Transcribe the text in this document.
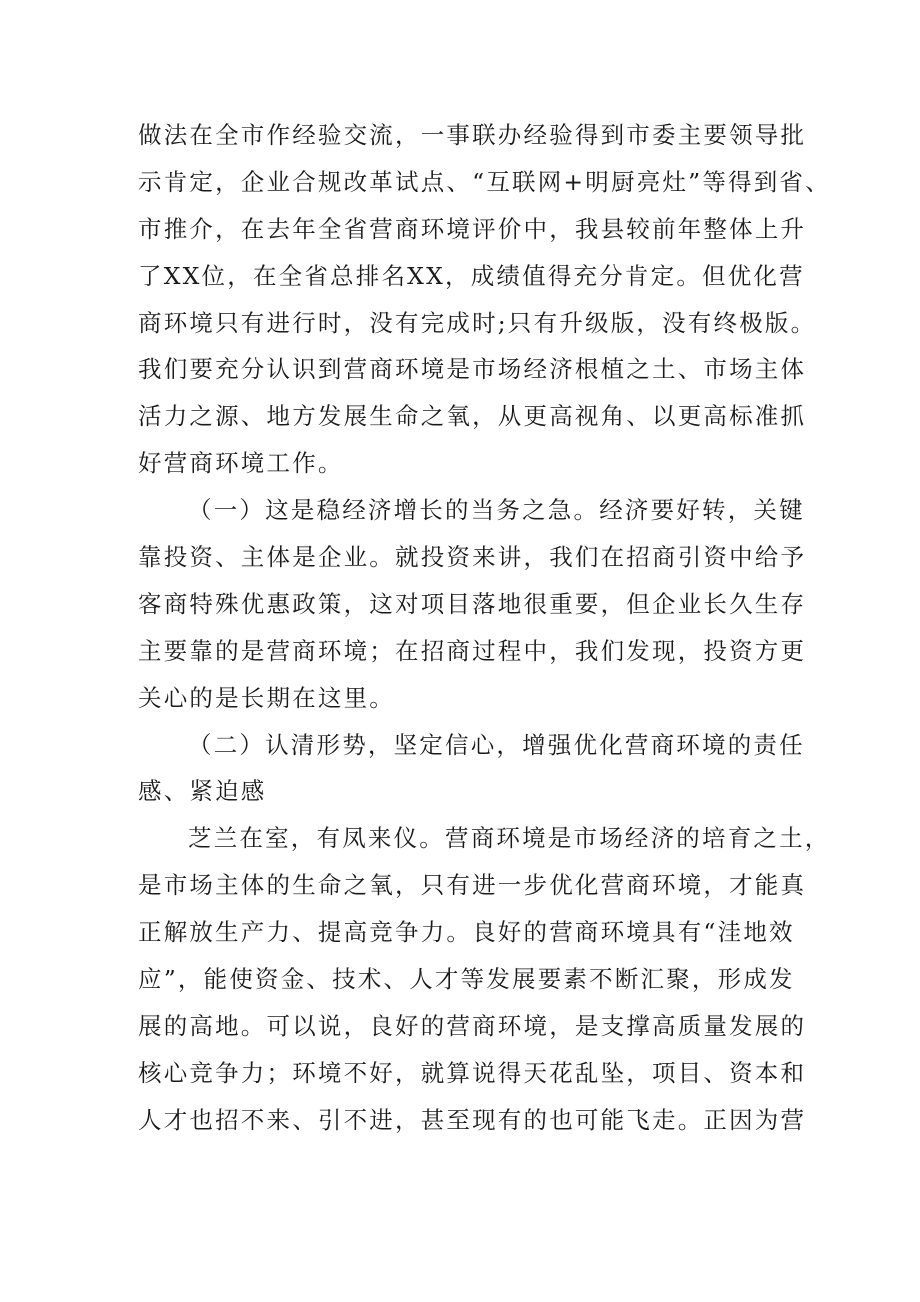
做法在全市作经验交流，一事联办经验得到市委主要领导批
示肯定，企业合规改革试点、“互联网+明厨亮灶”等得到省、
市推介，在去年全省营商环境评价中，我县较前年整体上升
了XX位，在全省总排名XX，成绩值得充分肯定。但优化营
商环境只有进行时，没有完成时;只有升级版，没有终极版。
我们要充分认识到营商环境是市场经济根植之土、市场主体
活力之源、地方发展生命之氧，从更高视角、以更高标准抓
好营商环境工作。
（一）这是稳经济增长的当务之急。经济要好转，关键
靠投资、主体是企业。就投资来讲，我们在招商引资中给予
客商特殊优惠政策，这对项目落地很重要，但企业长久生存
主要靠的是营商环境；在招商过程中，我们发现，投资方更
关心的是长期在这里。
（二）认清形势，坚定信心，增强优化营商环境的责任
感、紧迫感
芝兰在室，有凤来仪。营商环境是市场经济的培育之土，
是市场主体的生命之氧，只有进一步优化营商环境，才能真
正解放生产力、提高竞争力。良好的营商环境具有“洼地效
应”，能使资金、技术、人才等发展要素不断汇聚，形成发
展的高地。可以说，良好的营商环境，是支撑高质量发展的
核心竞争力；环境不好，就算说得天花乱坠，项目、资本和
人才也招不来、引不进，甚至现有的也可能飞走。正因为营
